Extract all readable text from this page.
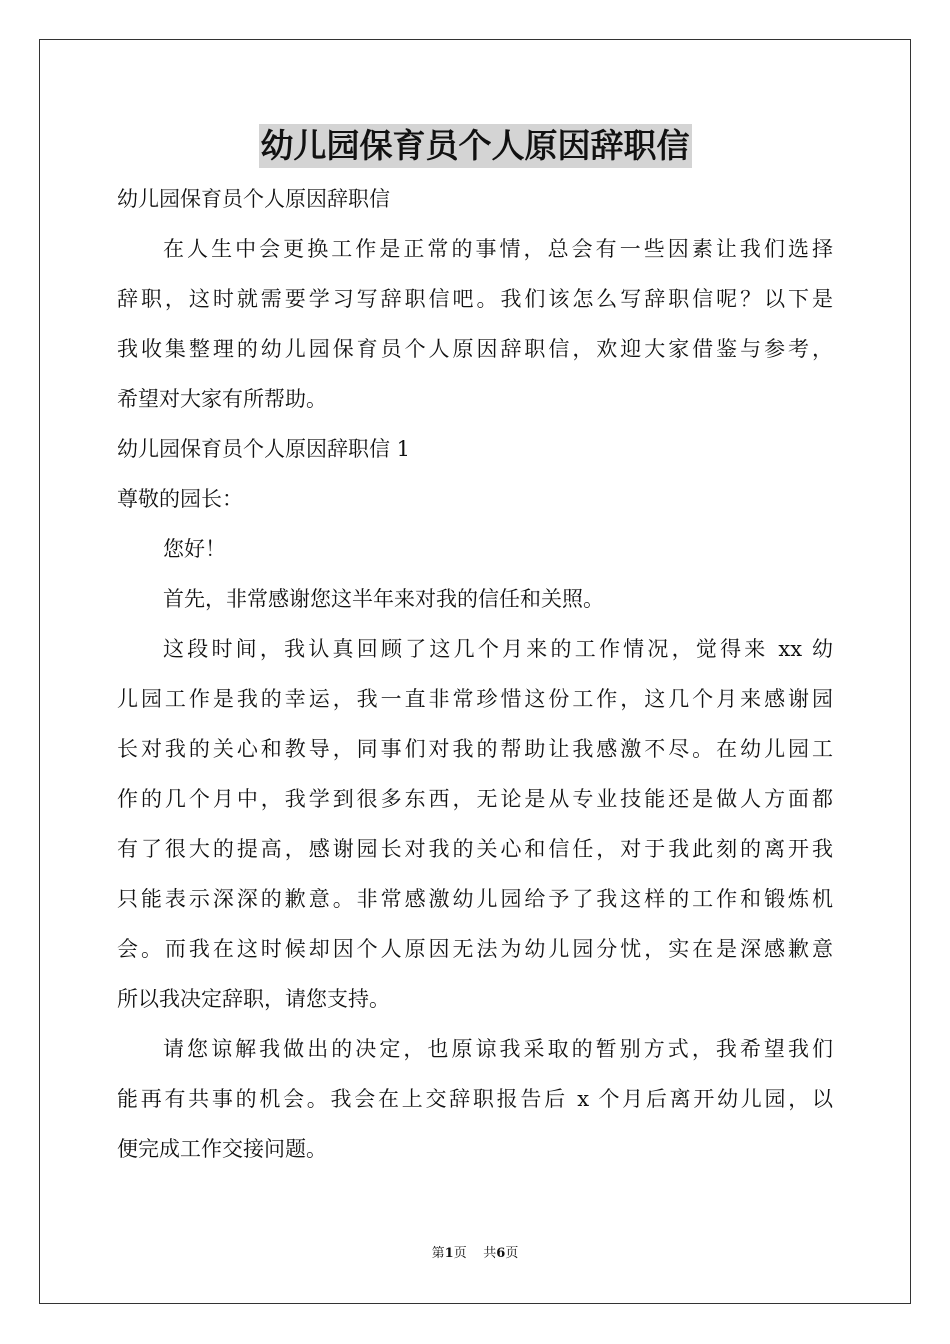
幼儿园保育员个人原因辞职信
幼儿园保育员个人原因辞职信
在人生中会更换工作是正常的事情，总会有一些因素让我们选择
辞职，这时就需要学习写辞职信吧。我们该怎么写辞职信呢？以下是
我收集整理的幼儿园保育员个人原因辞职信，欢迎大家借鉴与参考，
希望对大家有所帮助。
幼儿园保育员个人原因辞职信 1
尊敬的园长：
您好！
首先，非常感谢您这半年来对我的信任和关照。
这段时间，我认真回顾了这几个月来的工作情况，觉得来 xx 幼
儿园工作是我的幸运，我一直非常珍惜这份工作，这几个月来感谢园
长对我的关心和教导，同事们对我的帮助让我感激不尽。在幼儿园工
作的几个月中，我学到很多东西，无论是从专业技能还是做人方面都
有了很大的提高，感谢园长对我的关心和信任，对于我此刻的离开我
只能表示深深的歉意。非常感激幼儿园给予了我这样的工作和锻炼机
会。而我在这时候却因个人原因无法为幼儿园分忧，实在是深感歉意
所以我决定辞职，请您支持。
请您谅解我做出的决定，也原谅我采取的暂别方式，我希望我们
能再有共事的机会。我会在上交辞职报告后 x 个月后离开幼儿园，以
便完成工作交接问题。
第1页 共6页
